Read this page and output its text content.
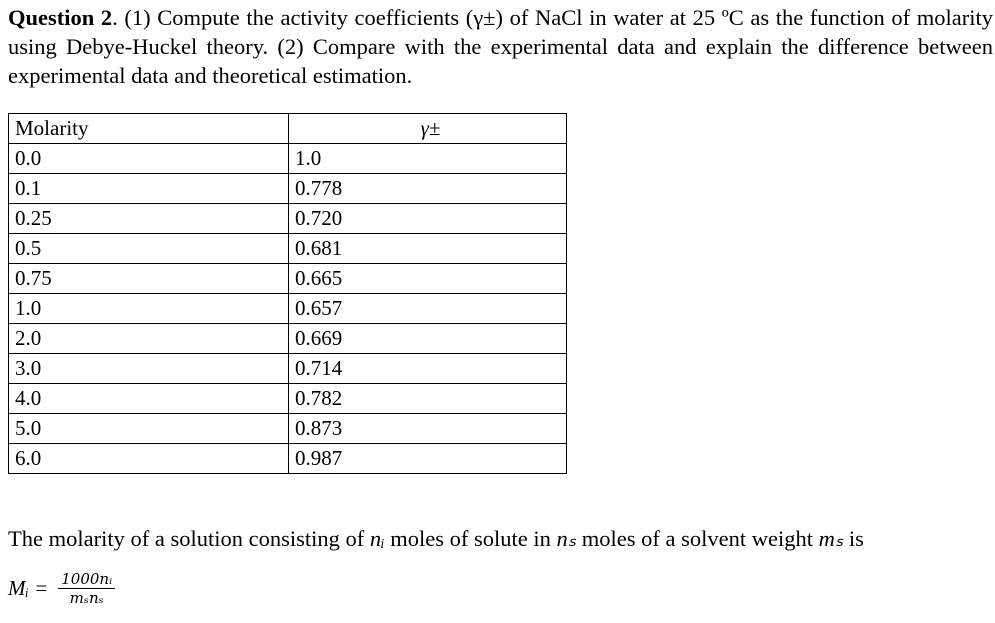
Question 2. (1) Compute the activity coefficients (γ±) of NaCl in water at 25 ºC as the function of molarity using Debye-Huckel theory. (2) Compare with the experimental data and explain the difference between experimental data and theoretical estimation.
Molarity	γ±
0.0	1.0
0.1	0.778
0.25	0.720
0.5	0.681
0.75	0.665
1.0	0.657
2.0	0.669
3.0	0.714
4.0	0.782
5.0	0.873
6.0	0.987
The molarity of a solution consisting of nᵢ moles of solute in nₛ moles of a solvent weight mₛ is
Mᵢ = $\frac{\text{1000nᵢ}}{\text{mₛnₛ}}$
